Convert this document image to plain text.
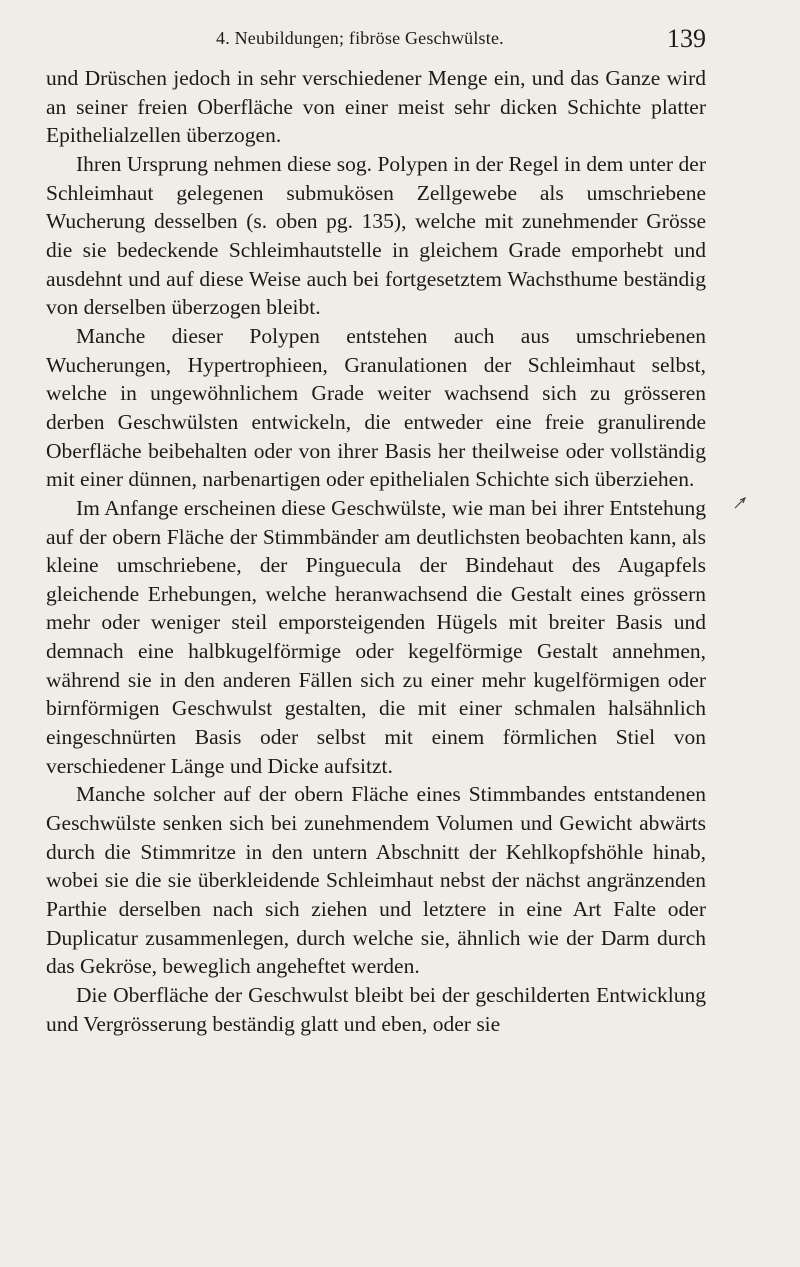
4. Neubildungen; fibröse Geschwülste.	139

und Drüschen jedoch in sehr verschiedener Menge ein, und das Ganze wird an seiner freien Oberfläche von einer meist sehr dicken Schichte platter Epithelialzellen überzogen.

Ihren Ursprung nehmen diese sog. Polypen in der Regel in dem unter der Schleimhaut gelegenen submukösen Zellgewebe als umschriebene Wucherung desselben (s. oben pg. 135), welche mit zunehmender Grösse die sie bedeckende Schleimhautstelle in gleichem Grade emporhebt und ausdehnt und auf diese Weise auch bei fortgesetztem Wachsthume beständig von derselben überzogen bleibt.

Manche dieser Polypen entstehen auch aus umschriebenen Wucherungen, Hypertrophieen, Granulationen der Schleimhaut selbst, welche in ungewöhnlichem Grade weiter wachsend sich zu grösseren derben Geschwülsten entwickeln, die entweder eine freie granulirende Oberfläche beibehalten oder von ihrer Basis her theilweise oder vollständig mit einer dünnen, narbenartigen oder epithelialen Schichte sich überziehen.

Im Anfange erscheinen diese Geschwülste, wie man bei ihrer Entstehung auf der obern Fläche der Stimmbänder am deutlichsten beobachten kann, als kleine umschriebene, der Pinguecula der Bindehaut des Augapfels gleichende Erhebungen, welche heranwachsend die Gestalt eines grössern mehr oder weniger steil emporsteigenden Hügels mit breiter Basis und demnach eine halbkugelförmige oder kegelförmige Gestalt annehmen, während sie in den anderen Fällen sich zu einer mehr kugelförmigen oder birnförmigen Geschwulst gestalten, die mit einer schmalen halsähnlich eingeschnürten Basis oder selbst mit einem förmlichen Stiel von verschiedener Länge und Dicke aufsitzt.

Manche solcher auf der obern Fläche eines Stimmbandes entstandenen Geschwülste senken sich bei zunehmendem Volumen und Gewicht abwärts durch die Stimmritze in den untern Abschnitt der Kehlkopfshöhle hinab, wobei sie die sie überkleidende Schleimhaut nebst der nächst angränzenden Parthie derselben nach sich ziehen und letztere in eine Art Falte oder Duplicatur zusammenlegen, durch welche sie, ähnlich wie der Darm durch das Gekröse, beweglich angeheftet werden.

Die Oberfläche der Geschwulst bleibt bei der geschilderten Entwicklung und Vergrösserung beständig glatt und eben, oder sie
